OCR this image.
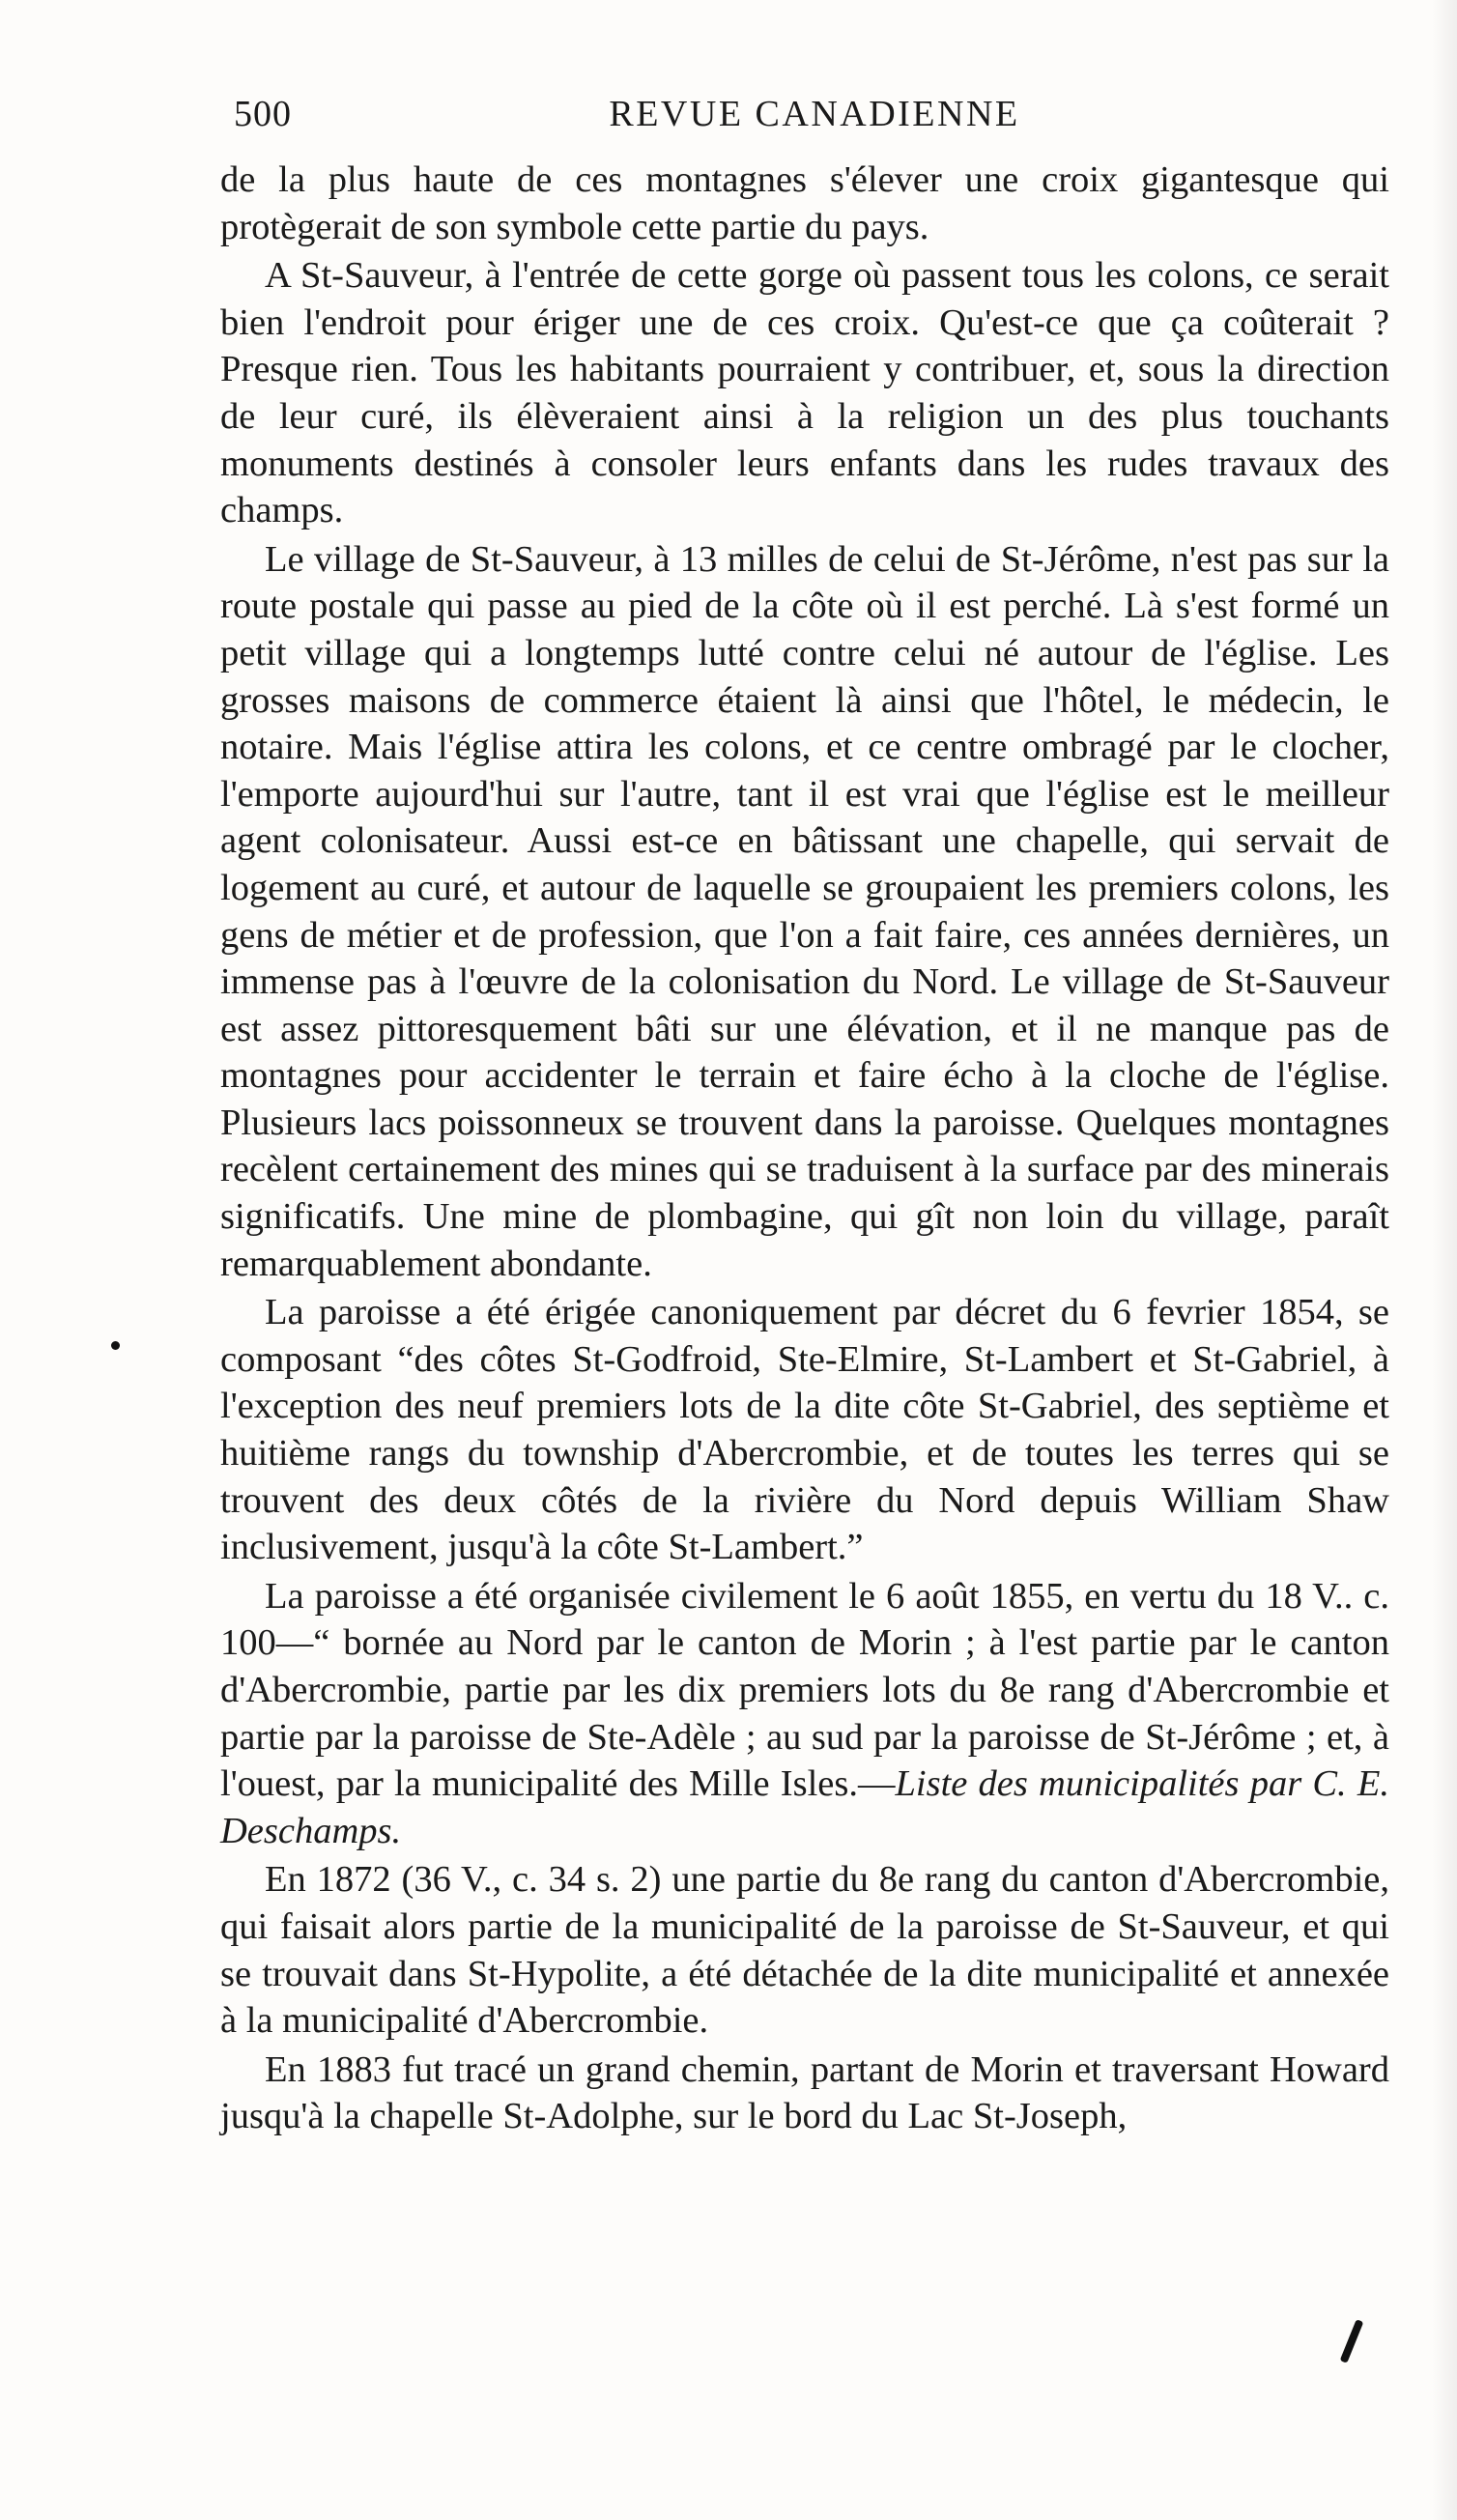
500	REVUE CANADIENNE

de la plus haute de ces montagnes s'élever une croix gigantesque qui protègerait de son symbole cette partie du pays.

A St-Sauveur, à l'entrée de cette gorge où passent tous les colons, ce serait bien l'endroit pour ériger une de ces croix. Qu'est-ce que ça coûterait ? Presque rien. Tous les habitants pourraient y contribuer, et, sous la direction de leur curé, ils élèveraient ainsi à la religion un des plus touchants monuments destinés à consoler leurs enfants dans les rudes travaux des champs.

Le village de St-Sauveur, à 13 milles de celui de St-Jérôme, n'est pas sur la route postale qui passe au pied de la côte où il est perché. Là s'est formé un petit village qui a longtemps lutté contre celui né autour de l'église. Les grosses maisons de commerce étaient là ainsi que l'hôtel, le médecin, le notaire. Mais l'église attira les colons, et ce centre ombragé par le clocher, l'emporte aujourd'hui sur l'autre, tant il est vrai que l'église est le meilleur agent colonisateur. Aussi est-ce en bâtissant une chapelle, qui servait de logement au curé, et autour de laquelle se groupaient les premiers colons, les gens de métier et de profession, que l'on a fait faire, ces années dernières, un immense pas à l'œuvre de la colonisation du Nord. Le village de St-Sauveur est assez pittoresquement bâti sur une élévation, et il ne manque pas de montagnes pour accidenter le terrain et faire écho à la cloche de l'église. Plusieurs lacs poissonneux se trouvent dans la paroisse. Quelques montagnes recèlent certainement des mines qui se traduisent à la surface par des minerais significatifs. Une mine de plombagine, qui gît non loin du village, paraît remarquablement abondante.

La paroisse a été érigée canoniquement par décret du 6 fevrier 1854, se composant “des côtes St-Godfroid, Ste-Elmire, St-Lambert et St-Gabriel, à l'exception des neuf premiers lots de la dite côte St-Gabriel, des septième et huitième rangs du township d'Abercrombie, et de toutes les terres qui se trouvent des deux côtés de la rivière du Nord depuis William Shaw inclusivement, jusqu'à la côte St-Lambert.”

La paroisse a été organisée civilement le 6 août 1855, en vertu du 18 V.. c. 100—“ bornée au Nord par le canton de Morin ; à l'est partie par le canton d'Abercrombie, partie par les dix premiers lots du 8e rang d'Abercrombie et partie par la paroisse de Ste-Adèle ; au sud par la paroisse de St-Jérôme ; et, à l'ouest, par la municipalité des Mille Isles.—Liste des municipalités par C. E. Deschamps.

En 1872 (36 V., c. 34 s. 2) une partie du 8e rang du canton d'Abercrombie, qui faisait alors partie de la municipalité de la paroisse de St-Sauveur, et qui se trouvait dans St-Hypolite, a été détachée de la dite municipalité et annexée à la municipalité d'Abercrombie.

En 1883 fut tracé un grand chemin, partant de Morin et traversant Howard jusqu'à la chapelle St-Adolphe, sur le bord du Lac St-Joseph,
